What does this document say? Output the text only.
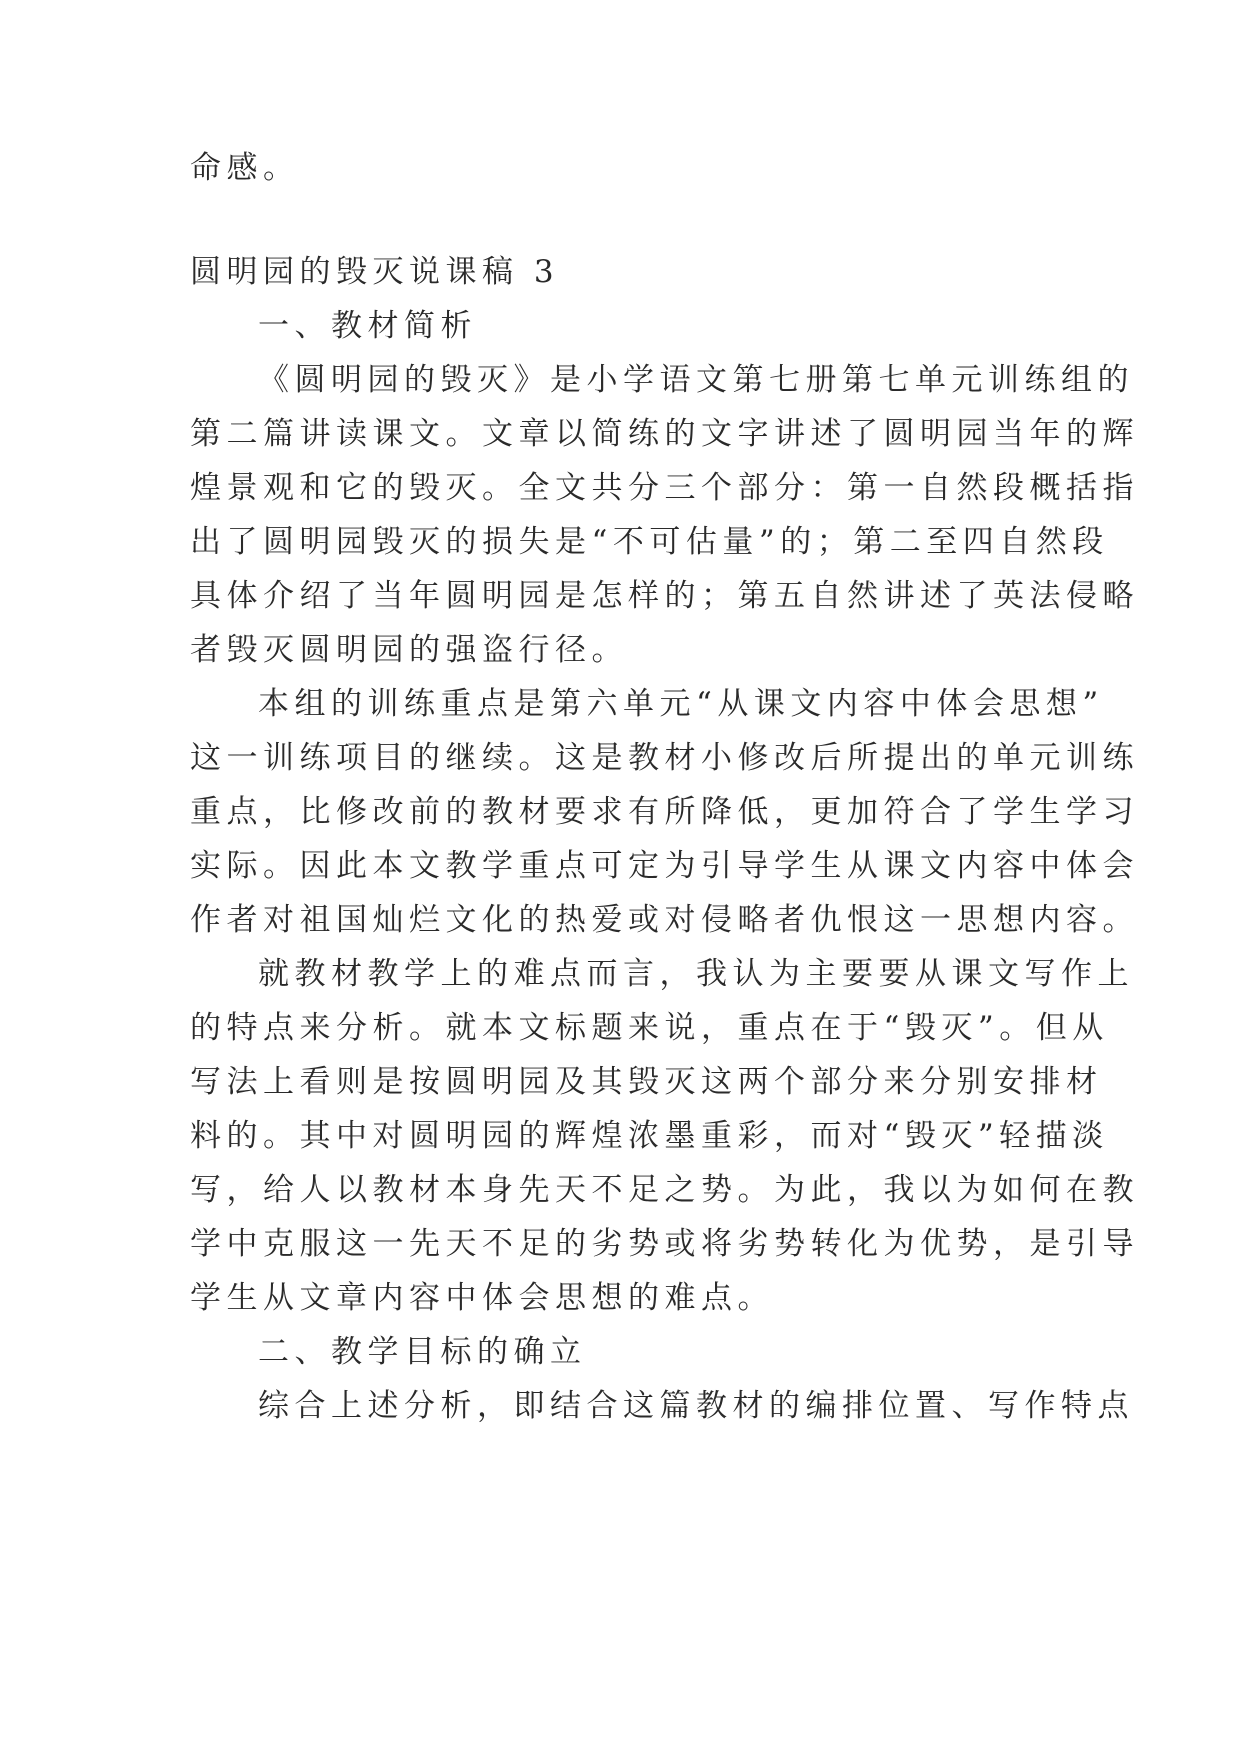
命感。
圆明园的毁灭说课稿 3
一、教材简析
《圆明园的毁灭》是小学语文第七册第七单元训练组的
第二篇讲读课文。文章以简练的文字讲述了圆明园当年的辉
煌景观和它的毁灭。全文共分三个部分：第一自然段概括指
出了圆明园毁灭的损失是“不可估量”的；第二至四自然段
具体介绍了当年圆明园是怎样的；第五自然讲述了英法侵略
者毁灭圆明园的强盗行径。
本组的训练重点是第六单元“从课文内容中体会思想”
这一训练项目的继续。这是教材小修改后所提出的单元训练
重点，比修改前的教材要求有所降低，更加符合了学生学习
实际。因此本文教学重点可定为引导学生从课文内容中体会
作者对祖国灿烂文化的热爱或对侵略者仇恨这一思想内容。
就教材教学上的难点而言，我认为主要要从课文写作上
的特点来分析。就本文标题来说，重点在于“毁灭”。但从
写法上看则是按圆明园及其毁灭这两个部分来分别安排材
料的。其中对圆明园的辉煌浓墨重彩，而对“毁灭”轻描淡
写，给人以教材本身先天不足之势。为此，我以为如何在教
学中克服这一先天不足的劣势或将劣势转化为优势，是引导
学生从文章内容中体会思想的难点。
二、教学目标的确立
综合上述分析，即结合这篇教材的编排位置、写作特点
